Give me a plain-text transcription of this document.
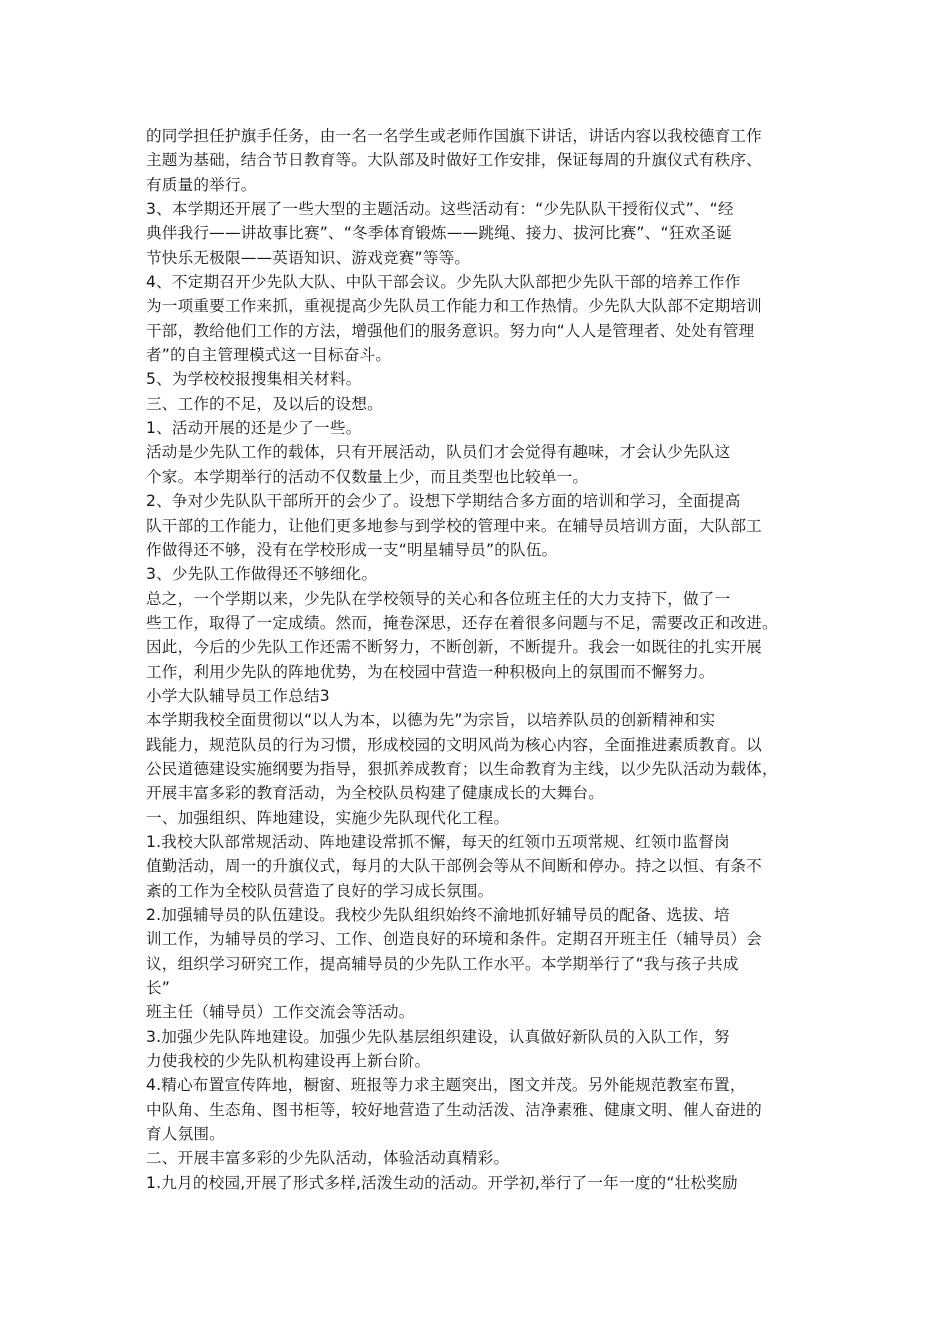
的同学担任护旗手任务，由一名一名学生或老师作国旗下讲话，讲话内容以我校德育工作
主题为基础，结合节日教育等。大队部及时做好工作安排，保证每周的升旗仪式有秩序、
有质量的举行。
3、本学期还开展了一些大型的主题活动。这些活动有：“少先队队干授衔仪式”、“经
典伴我行——讲故事比赛”、“冬季体育锻炼——跳绳、接力、拔河比赛”、“狂欢圣诞
节快乐无极限——英语知识、游戏竞赛”等等。
4、不定期召开少先队大队、中队干部会议。少先队大队部把少先队干部的培养工作作
为一项重要工作来抓，重视提高少先队员工作能力和工作热情。少先队大队部不定期培训
干部，教给他们工作的方法，增强他们的服务意识。努力向“人人是管理者、处处有管理
者”的自主管理模式这一目标奋斗。
5、为学校校报搜集相关材料。
三、工作的不足，及以后的设想。
1、活动开展的还是少了一些。
活动是少先队工作的载体，只有开展活动，队员们才会觉得有趣味，才会认少先队这
个家。本学期举行的活动不仅数量上少，而且类型也比较单一。
2、争对少先队队干部所开的会少了。设想下学期结合多方面的培训和学习，全面提高
队干部的工作能力，让他们更多地参与到学校的管理中来。在辅导员培训方面，大队部工
作做得还不够，没有在学校形成一支“明星辅导员”的队伍。
3、少先队工作做得还不够细化。
总之，一个学期以来，少先队在学校领导的关心和各位班主任的大力支持下，做了一
些工作，取得了一定成绩。然而，掩卷深思，还存在着很多问题与不足，需要改正和改进。
因此，今后的少先队工作还需不断努力，不断创新，不断提升。我会一如既往的扎实开展
工作，利用少先队的阵地优势，为在校园中营造一种积极向上的氛围而不懈努力。
小学大队辅导员工作总结3
本学期我校全面贯彻以“以人为本，以德为先”为宗旨，以培养队员的创新精神和实
践能力，规范队员的行为习惯，形成校园的文明风尚为核心内容，全面推进素质教育。以
公民道德建设实施纲要为指导，狠抓养成教育；以生命教育为主线，以少先队活动为载体，
开展丰富多彩的教育活动，为全校队员构建了健康成长的大舞台。
一、加强组织、阵地建设，实施少先队现代化工程。
1.我校大队部常规活动、阵地建设常抓不懈，每天的红领巾五项常规、红领巾监督岗
值勤活动，周一的升旗仪式，每月的大队干部例会等从不间断和停办。持之以恒、有条不
紊的工作为全校队员营造了良好的学习成长氛围。
2.加强辅导员的队伍建设。我校少先队组织始终不渝地抓好辅导员的配备、选拔、培
训工作，为辅导员的学习、工作、创造良好的环境和条件。定期召开班主任（辅导员）会
议，组织学习研究工作，提高辅导员的少先队工作水平。本学期举行了“我与孩子共成
长”
班主任（辅导员）工作交流会等活动。
3.加强少先队阵地建设。加强少先队基层组织建设，认真做好新队员的入队工作，努
力使我校的少先队机构建设再上新台阶。
4.精心布置宣传阵地，橱窗、班报等力求主题突出，图文并茂。另外能规范教室布置，
中队角、生态角、图书柜等，较好地营造了生动活泼、洁净素雅、健康文明、催人奋进的
育人氛围。
二、开展丰富多彩的少先队活动，体验活动真精彩。
1.九月的校园,开展了形式多样,活泼生动的活动。开学初,举行了一年一度的“壮松奖励
